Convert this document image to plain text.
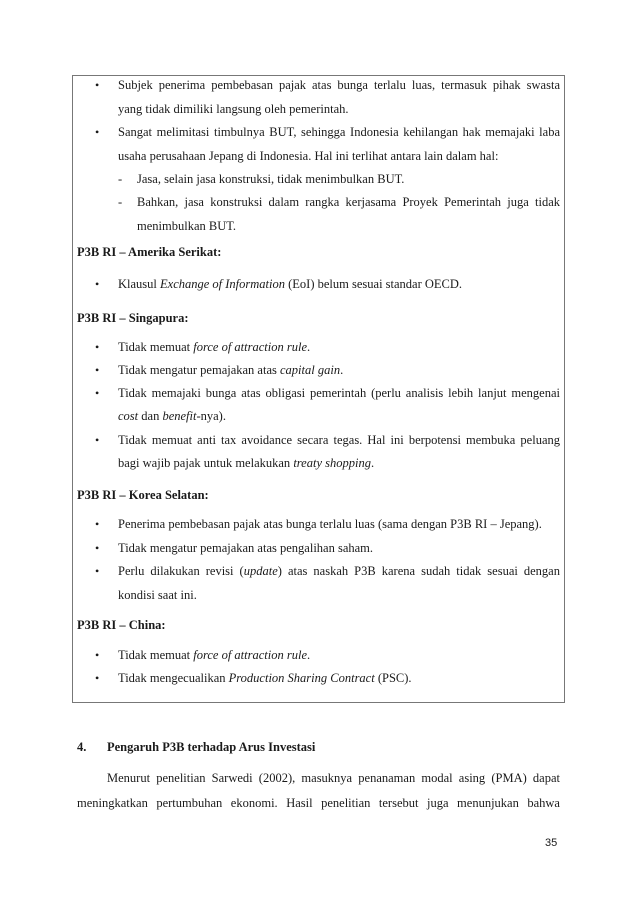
• Subjek penerima pembebasan pajak atas bunga terlalu luas, termasuk pihak swasta
yang tidak dimiliki langsung oleh pemerintah.
• Sangat melimitasi timbulnya BUT, sehingga Indonesia kehilangan hak memajaki laba
usaha perusahaan Jepang di Indonesia. Hal ini terlihat antara lain dalam hal:
- Jasa, selain jasa konstruksi, tidak menimbulkan BUT.
- Bahkan, jasa konstruksi dalam rangka kerjasama Proyek Pemerintah juga tidak
menimbulkan BUT.
P3B RI – Amerika Serikat:
• Klausul Exchange of Information (EoI) belum sesuai standar OECD.
P3B RI – Singapura:
• Tidak memuat force of attraction rule.
• Tidak mengatur pemajakan atas capital gain.
• Tidak memajaki bunga atas obligasi pemerintah (perlu analisis lebih lanjut mengenai
cost dan benefit-nya).
• Tidak memuat anti tax avoidance secara tegas. Hal ini berpotensi membuka peluang
bagi wajib pajak untuk melakukan treaty shopping.
P3B RI – Korea Selatan:
• Penerima pembebasan pajak atas bunga terlalu luas (sama dengan P3B RI – Jepang).
• Tidak mengatur pemajakan atas pengalihan saham.
• Perlu dilakukan revisi (update) atas naskah P3B karena sudah tidak sesuai dengan
kondisi saat ini.
P3B RI – China:
• Tidak memuat force of attraction rule.
• Tidak mengecualikan Production Sharing Contract (PSC).
4. Pengaruh P3B terhadap Arus Investasi
Menurut penelitian Sarwedi (2002), masuknya penanaman modal asing (PMA) dapat
meningkatkan pertumbuhan ekonomi. Hasil penelitian tersebut juga menunjukan bahwa
35
